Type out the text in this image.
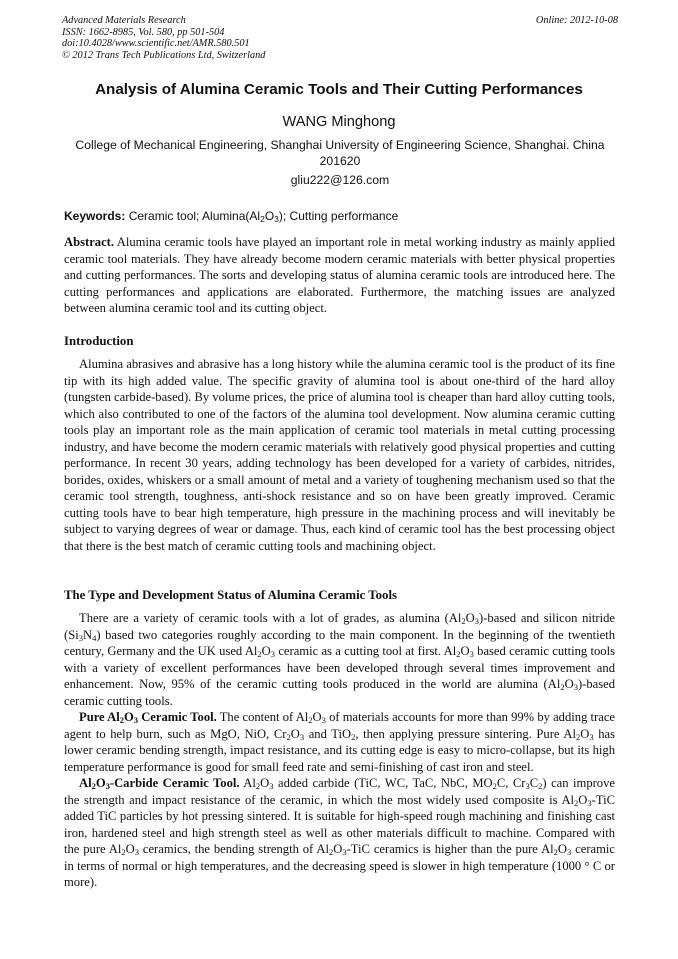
Advanced Materials Research
ISSN: 1662-8985, Vol. 580, pp 501-504
doi:10.4028/www.scientific.net/AMR.580.501
© 2012 Trans Tech Publications Ltd, Switzerland
Online: 2012-10-08
Analysis of Alumina Ceramic Tools and Their Cutting Performances
WANG Minghong
College of Mechanical Engineering, Shanghai University of Engineering Science, Shanghai. China 201620
gliu222@126.com
Keywords: Ceramic tool; $Alumina(Al_2O_3)$; Cutting performance

Abstract. Alumina ceramic tools have played an important role in metal working industry as mainly applied ceramic tool materials. They have already become modern ceramic materials with better physical properties and cutting performances. The sorts and developing status of alumina ceramic tools are introduced here. The cutting performances and applications are elaborated. Furthermore, the matching issues are analyzed between alumina ceramic tool and its cutting object.

Introduction

Alumina abrasives and abrasive has a long history while the alumina ceramic tool is the product of its fine tip with its high added value. The specific gravity of alumina tool is about one-third of the hard alloy (tungsten carbide-based). By volume prices, the price of alumina tool is cheaper than hard alloy cutting tools, which also contributed to one of the factors of the alumina tool development. Now alumina ceramic cutting tools play an important role as the main application of ceramic tool materials in metal cutting processing industry, and have become the modern ceramic materials with relatively good physical properties and cutting performance. In recent 30 years, adding technology has been developed for a variety of carbides, nitrides, borides, oxides, whiskers or a small amount of metal and a variety of toughening mechanism used so that the ceramic tool strength, toughness, anti-shock resistance and so on have been greatly improved. Ceramic cutting tools have to bear high temperature, high pressure in the machining process and will inevitably be subject to varying degrees of wear or damage. Thus, each kind of ceramic tool has the best processing object that there is the best match of ceramic cutting tools and machining object.

The Type and Development Status of Alumina Ceramic Tools

There are a variety of ceramic tools with a lot of grades, as alumina $(Al_2O_3)$-based and silicon nitride $(Si_3N_4)$ based two categories roughly according to the main component. In the beginning of the twentieth century, Germany and the UK used $Al_2O_3$ ceramic as a cutting tool at first. $Al_2O_3$ based ceramic cutting tools with a variety of excellent performances have been developed through several times improvement and enhancement. Now, 95% of the ceramic cutting tools produced in the world are alumina $(Al_2O_3)$-based ceramic cutting tools.

Pure $Al_2O_3$ Ceramic Tool. The content of $Al_2O_3$ of materials accounts for more than 99% by adding trace agent to help burn, such as MgO, NiO, $Cr_2O_3$ and TiO$_2$, then applying pressure sintering. Pure $Al_2O_3$ has lower ceramic bending strength, impact resistance, and its cutting edge is easy to micro-collapse, but its high temperature performance is good for small feed rate and semi-finishing of cast iron and steel.

$Al_2O_3$-Carbide Ceramic Tool. $Al_2O_3$ added carbide (TiC, WC, TaC, NbC, $MO_2C$, $Cr_3C_2$) can improve the strength and impact resistance of the ceramic, in which the most widely used composite is $Al_2O_3$-TiC added TiC particles by hot pressing sintered. It is suitable for high-speed rough machining and finishing cast iron, hardened steel and high strength steel as well as other materials difficult to machine. Compared with the pure $Al_2O_3$ ceramics, the bending strength of $Al_2O_3$-TiC ceramics is higher than the pure $Al_2O_3$ ceramic in terms of normal or high temperatures, and the decreasing speed is slower in high temperature (1000 ° C or more).
